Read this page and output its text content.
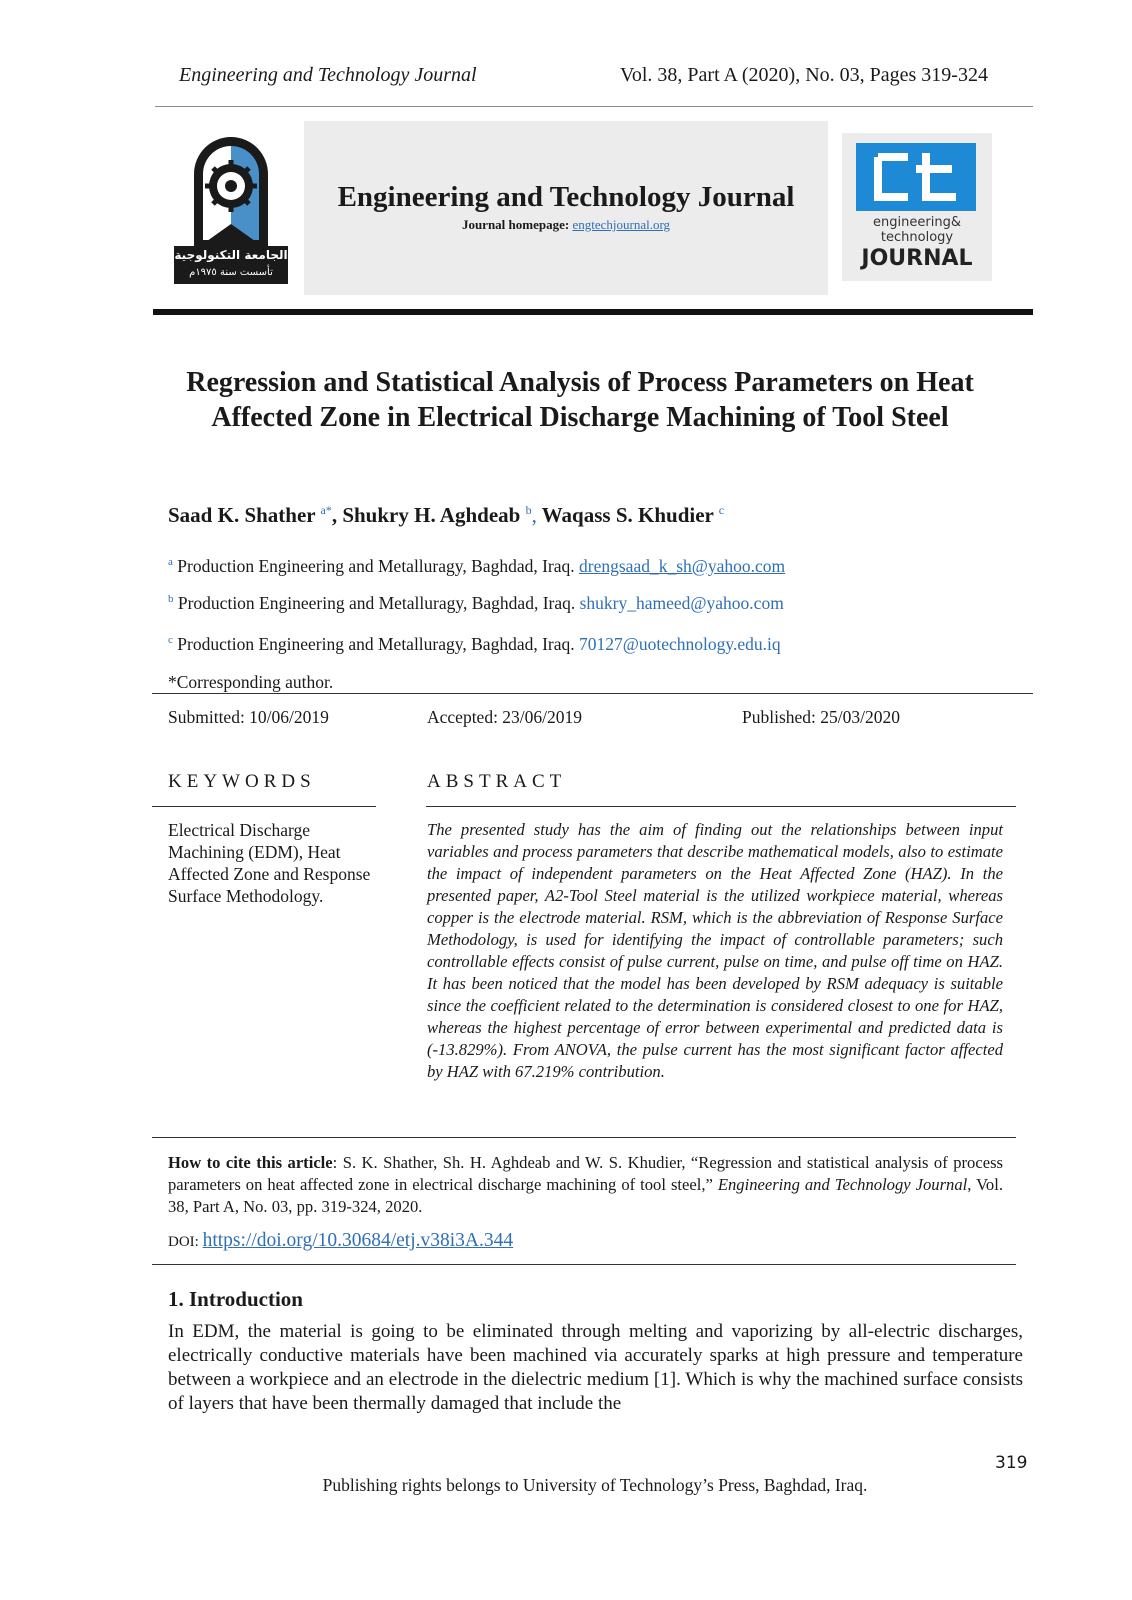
Engineering and Technology Journal	Vol. 38, Part A (2020), No. 03, Pages 319-324
الجامعة التكنولوجية
تأسست سنة ١٩٧٥م
Engineering and Technology Journal
Journal homepage: engtechjournal.org	engineering&
technology
JOURNAL
Regression and Statistical Analysis of Process Parameters on Heat Affected Zone in Electrical Discharge Machining of Tool Steel
Saad K. Shather $^{a*}$, Shukry H. Aghdeab $^b$, Waqass S. Khudier $^c$
$^a$ Production Engineering and Metalluragy, Baghdad, Iraq. drengsaad_k_sh@yahoo.com
$^b$ Production Engineering and Metalluragy, Baghdad, Iraq. shukry_hameed@yahoo.com
$^c$ Production Engineering and Metalluragy, Baghdad, Iraq. 70127@uotechnology.edu.iq
*Corresponding author.
Submitted: 10/06/2019	Accepted: 23/06/2019	Published: 25/03/2020
KEYWORDS	ABSTRACT
Electrical Discharge Machining (EDM), Heat Affected Zone and Response Surface Methodology.
The presented study has the aim of finding out the relationships between input variables and process parameters that describe mathematical models, also to estimate the impact of independent parameters on the Heat Affected Zone (HAZ). In the presented paper, A2-Tool Steel material is the utilized workpiece material, whereas copper is the electrode material. RSM, which is the abbreviation of Response Surface Methodology, is used for identifying the impact of controllable parameters; such controllable effects consist of pulse current, pulse on time, and pulse off time on HAZ. It has been noticed that the model has been developed by RSM adequacy is suitable since the coefficient related to the determination is considered closest to one for HAZ, whereas the highest percentage of error between experimental and predicted data is (-13.829%). From ANOVA, the pulse current has the most significant factor affected by HAZ with 67.219% contribution.
How to cite this article: S. K. Shather, Sh. H. Aghdeab and W. S. Khudier, “Regression and statistical analysis of process parameters on heat affected zone in electrical discharge machining of tool steel,” Engineering and Technology Journal, Vol. 38, Part A, No. 03, pp. 319-324, 2020.
DOI: https://doi.org/10.30684/etj.v38i3A.344
1. Introduction
In EDM, the material is going to be eliminated through melting and vaporizing by all-electric discharges, electrically conductive materials have been machined via accurately sparks at high pressure and temperature between a workpiece and an electrode in the dielectric medium [1]. Which is why the machined surface consists of layers that have been thermally damaged that include the
319
Publishing rights belongs to University of Technology’s Press, Baghdad, Iraq.
